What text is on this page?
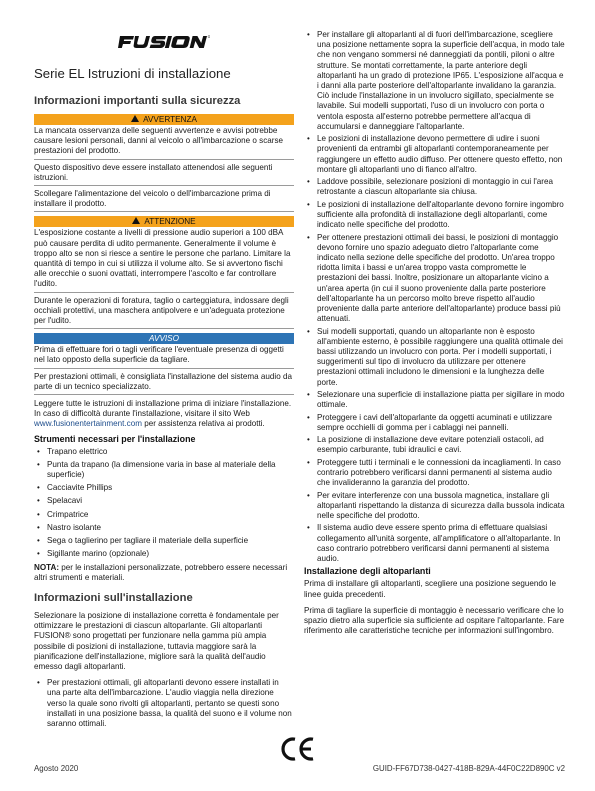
Serie EL Istruzioni di installazione
Informazioni importanti sulla sicurezza
AVVERTENZA

La mancata osservanza delle seguenti avvertenze e avvisi potrebbe causare lesioni personali, danni al veicolo o all'imbarcazione o scarse prestazioni del prodotto.

Questo dispositivo deve essere installato attenendosi alle seguenti istruzioni.

Scollegare l'alimentazione del veicolo o dell'imbarcazione prima di installare il prodotto.

ATTENZIONE

L'esposizione costante a livelli di pressione audio superiori a 100 dBA può causare perdita di udito permanente. Generalmente il volume è troppo alto se non si riesce a sentire le persone che parlano. Limitare la quantità di tempo in cui si utilizza il volume alto. Se si avvertono fischi alle orecchie o suoni ovattati, interrompere l'ascolto e far controllare l'udito.

Durante le operazioni di foratura, taglio o carteggiatura, indossare degli occhiali protettivi, una maschera antipolvere e un'adeguata protezione per l'udito.

AVVISO

Prima di effettuare fori o tagli verificare l'eventuale presenza di oggetti nel lato opposto della superficie da tagliare.

Per prestazioni ottimali, è consigliata l'installazione del sistema audio da parte di un tecnico specializzato.

Leggere tutte le istruzioni di installazione prima di iniziare l'installazione. In caso di difficoltà durante l'installazione, visitare il sito Web www.fusionentertainment.com per assistenza relativa ai prodotti.

Strumenti necessari per l'installazione
• Trapano elettrico
• Punta da trapano (la dimensione varia in base al materiale della superficie)
• Cacciavite Phillips
• Spelacavi
• Crimpatrice
• Nastro isolante
• Sega o taglierino per tagliare il materiale della superficie
• Sigillante marino (opzionale)

NOTA: per le installazioni personalizzate, potrebbero essere necessari altri strumenti e materiali.

Informazioni sull'installazione

Selezionare la posizione di installazione corretta è fondamentale per ottimizzare le prestazioni di ciascun altoparlante. Gli altoparlanti FUSION® sono progettati per funzionare nella gamma più ampia possibile di posizioni di installazione, tuttavia maggiore sarà la pianificazione dell'installazione, migliore sarà la qualità dell'audio emesso dagli altoparlanti.

• Per prestazioni ottimali, gli altoparlanti devono essere installati in una parte alta dell'imbarcazione. L'audio viaggia nella direzione verso la quale sono rivolti gli altoparlanti, pertanto se questi sono installati in una posizione bassa, la qualità del suono e il volume non saranno ottimali.
• Per installare gli altoparlanti al di fuori dell'imbarcazione, scegliere una posizione nettamente sopra la superficie dell'acqua, in modo tale che non vengano sommersi né danneggiati da pontili, piloni o altre strutture. Se montati correttamente, la parte anteriore degli altoparlanti ha un grado di protezione IP65. L'esposizione all'acqua e i danni alla parte posteriore dell'altoparlante invalidano la garanzia. Ciò include l'installazione in un involucro sigillato, specialmente se lavabile. Sui modelli supportati, l'uso di un involucro con porta o ventola esposta all'esterno potrebbe permettere all'acqua di accumularsi e danneggiare l'altoparlante.
• Le posizioni di installazione devono permettere di udire i suoni provenienti da entrambi gli altoparlanti contemporaneamente per raggiungere un effetto audio diffuso. Per ottenere questo effetto, non montare gli altoparlanti uno di fianco all'altro.
• Laddove possibile, selezionare posizioni di montaggio in cui l'area retrostante a ciascun altoparlante sia chiusa.
• Le posizioni di installazione dell'altoparlante devono fornire ingombro sufficiente alla profondità di installazione degli altoparlanti, come indicato nelle specifiche del prodotto.
• Per ottenere prestazioni ottimali dei bassi, le posizioni di montaggio devono fornire uno spazio adeguato dietro l'altoparlante come indicato nella sezione delle specifiche del prodotto. Un'area troppo ridotta limita i bassi e un'area troppo vasta compromette le prestazioni dei bassi. Inoltre, posizionare un altoparlante vicino a un'area aperta (in cui il suono proveniente dalla parte posteriore dell'altoparlante ha un percorso molto breve rispetto all'audio proveniente dalla parte anteriore dell'altoparlante) produce bassi più attenuati.
• Sui modelli supportati, quando un altoparlante non è esposto all'ambiente esterno, è possibile raggiungere una qualità ottimale dei bassi utilizzando un involucro con porta. Per i modelli supportati, i suggerimenti sul tipo di involucro da utilizzare per ottenere prestazioni ottimali includono le dimensioni e la lunghezza delle porte.
• Selezionare una superficie di installazione piatta per sigillare in modo ottimale.
• Proteggere i cavi dell'altoparlante da oggetti acuminati e utilizzare sempre occhielli di gomma per i cablaggi nei pannelli.
• La posizione di installazione deve evitare potenziali ostacoli, ad esempio carburante, tubi idraulici e cavi.
• Proteggere tutti i terminali e le connessioni da incagliamenti. In caso contrario potrebbero verificarsi danni permanenti al sistema audio che invalideranno la garanzia del prodotto.
• Per evitare interferenze con una bussola magnetica, installare gli altoparlanti rispettando la distanza di sicurezza dalla bussola indicata nelle specifiche del prodotto.
• Il sistema audio deve essere spento prima di effettuare qualsiasi collegamento all'unità sorgente, all'amplificatore o all'altoparlante. In caso contrario potrebbero verificarsi danni permanenti al sistema audio.
Installazione degli altoparlanti

Prima di installare gli altoparlanti, scegliere una posizione seguendo le linee guida precedenti.

Prima di tagliare la superficie di montaggio è necessario verificare che lo spazio dietro alla superficie sia sufficiente ad ospitare l'altoparlante. Fare riferimento alle caratteristiche tecniche per informazioni sull'ingombro.

Agosto 2020	GUID-FF67D738-0427-418B-829A-44F0C22D890C v2
